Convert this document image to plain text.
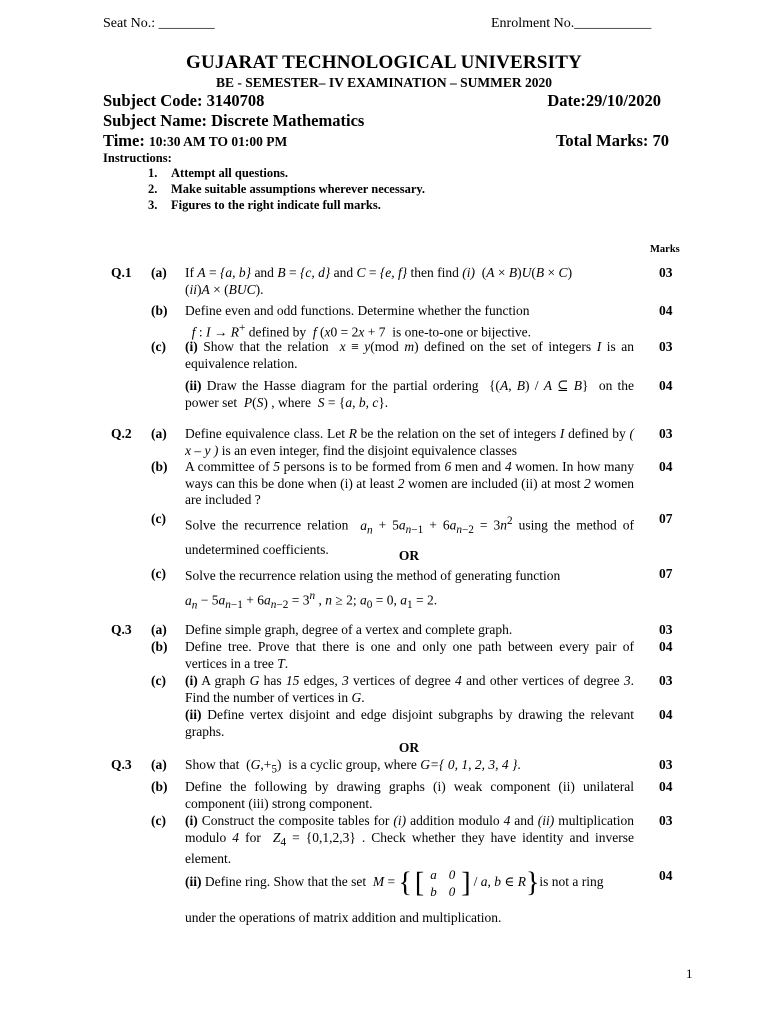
Seat No.: ________	Enrolment No.___________
GUJARAT TECHNOLOGICAL UNIVERSITY
BE - SEMESTER– IV EXAMINATION – SUMMER 2020
Subject Code: 3140708	Date:29/10/2020
Subject Name: Discrete Mathematics
Time: 10:30 AM TO 01:00 PM	Total Marks: 70
Instructions:
1. Attempt all questions.
2. Make suitable assumptions wherever necessary.
3. Figures to the right indicate full marks.
Marks
Q.1 (a) If A = {a, b} and B = {c, d} and C = {e, f} then find (i)  (A × B)U(B × C)
(ii)A × (BUC).
03
(b) Define even and odd functions. Determine whether the function
f : I → R+ defined by  f (x0 = 2x + 7  is one-to-one or bijective.
04
(c) (i) Show that the relation  x ≡ y(mod m) defined on the set of integers I is an equivalence relation.
03
(ii) Draw the Hasse diagram for the partial ordering  {(A, B) / A ⊆ B}  on the power set  P(S) , where  S = {a, b, c}.
04
Q.2 (a) Define equivalence class. Let R be the relation on the set of integers I defined by ( x – y ) is an even integer, find the disjoint equivalence classes
03
(b) A committee of 5 persons is to be formed from 6 men and 4 women. In how many ways can this be done when (i) at least 2 women are included (ii) at most 2 women are included ?
04
(c) Solve the recurrence relation  $a_n + 5a_{n-1} + 6a_{n-2} = 3n^2$ using the method of undetermined coefficients.
07
OR
(c) Solve the recurrence relation using the method of generating function
$a_n - 5a_{n-1} + 6a_{n-2} = 3^n$ , n ≥ 2; $a_0 = 0$, $a_1 = 2$.
07
Q.3 (a) Define simple graph, degree of a vertex and complete graph.	03
(b) Define tree. Prove that there is one and only one path between every pair of vertices in a tree T.
04
(c) (i) A graph G has 15 edges, 3 vertices of degree 4 and other vertices of degree 3. Find the number of vertices in G.
03
(ii) Define vertex disjoint and edge disjoint subgraphs by drawing the relevant graphs.
04
OR
Q.3 (a) Show that  $(G,+_5)$  is a cyclic group, where G={ 0, 1, 2, 3, 4 }.	03
(b) Define the following by drawing graphs (i) weak component (ii) unilateral component (iii) strong component.
04
(c) (i) Construct the composite tables for (i) addition modulo 4 and (ii) multiplication modulo 4 for  $Z_4 = \{0,1,2,3\}$ . Check whether they have identity and inverse element.
03
(ii) Define ring. Show that the set  M = { [ a	0
b	0 ] / a, b ∈ R}is not a ring
under the operations of matrix addition and multiplication.
04
1
